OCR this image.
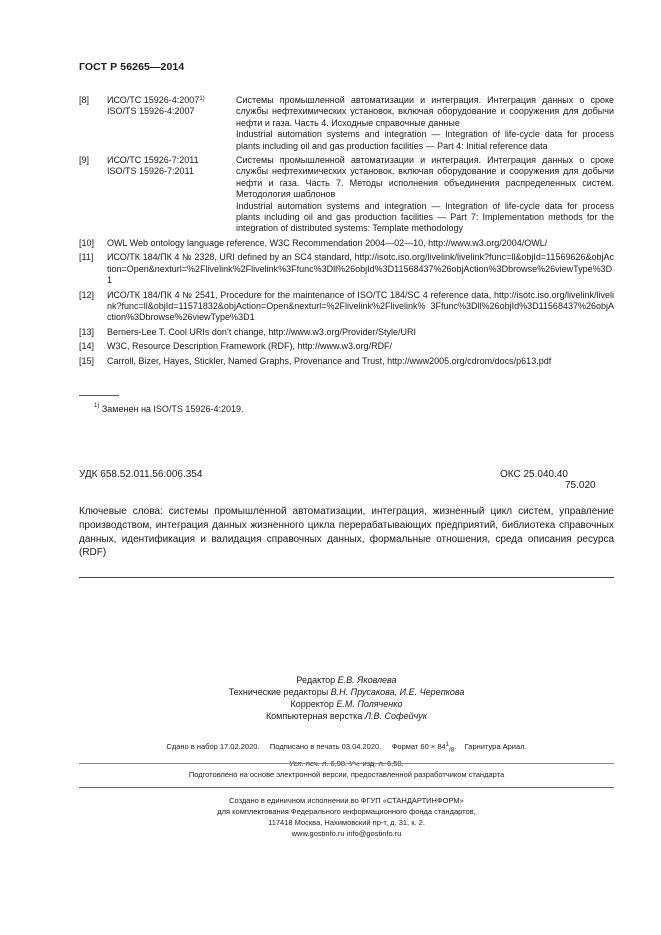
ГОСТ Р 56265—2014
[8] ИСО/ТС 15926-4:2007$^{1)}$
ISO/TS 15926-4:2007
Системы промышленной автоматизации и интеграция. Интеграция данных о сроке службы нефтехимических установок, включая оборудование и сооружения для добычи нефти и газа. Часть 4. Исходные справочные данные
Industrial automation systems and integration — Integration of life-cycle data for process plants including oil and gas production facilities — Part 4: Initial reference data
[9] ИСО/ТС 15926-7:2011
ISO/TS 15926-7:2011
Системы промышленной автоматизации и интеграция. Интеграция данных о сроке службы нефтехимических установок, включая оборудование и сооружения для добычи нефти и газа. Часть 7. Методы исполнения объединения распределенных систем. Методология шаблонов
Industrial automation systems and integration — Integration of life-cycle data for process plants including oil and gas production facilities — Part 7: Implementation methods for the integration of distributed systems: Template methodology
[10] OWL Web ontology language reference, W3C Recommendation 2004—02—10, http://www.w3.org/2004/OWL/
[11] ИСО/ТК 184/ПК 4 № 2328, URI defined by an SC4 standard, http://isotc.iso.org/livelink/livelink?func=ll&objId=11569626&objAction=Open&nexturl=%2Flivelink%2Flivelink%3Ffunc%3Dll%26objId%3D11568437%26objAction%3Dbrowse%26viewType%3D1
[12] ИСО/ТК 184/ПК 4 № 2541, Procedure for the maintenance of ISO/TC 184/SC 4 reference data, http://isotc.iso.org/livelink/livelink?func=ll&objId=11571832&objAction=Open&nexturl=%2Flivelink%2Flivelink% 3Ffunc%3Dll%26objId%3D11568437%26objAction%3Dbrowse%26viewType%3D1
[13] Berners-Lee T. Cool URIs don’t change, http://www.w3.org/Provider/Style/URI
[14] W3C, Resource Description Framework (RDF), http://www.w3.org/RDF/
[15] Carroll, Bizer, Hayes, Stickler, Named Graphs, Provenance and Trust, http://www2005.org/cdrom/docs/p613.pdf
$^{1)}$ Заменен на ISO/TS 15926-4:2019.
УДК 658.52.011.56:006.354	ОКС 25.040.40
75.020
Ключевые слова: системы промышленной автоматизации, интеграция, жизненный цикл систем, управление производством, интеграция данных жизненного цикла перерабатывающих предприятий, библиотека справочных данных, идентификация и валидация справочных данных, формальные отношения, среда описания ресурса (RDF)
Редактор Е.В. Яковлева
Технические редакторы В.Н. Прусакова, И.Е. Черепкова
Корректор Е.М. Поляченко
Компьютерная верстка Л.В. Софейчук
Сдано в набор 17.02.2020. Подписано в печать 03.04.2020. Формат $60 \times 84^1_{/8}$.    Гарнитура Ариал.
Усл. печ. л. 6,98. Уч.-изд. л. 6,50.
Подготовлено на основе электронной версии, предоставленной разработчиком стандарта
Создано в единичном исполнении во ФГУП «СТАНДАРТИНФОРМ»
для комплектования Федерального информационного фонда стандартов,
117418 Москва, Нахимовский пр-т, д. 31, к. 2.
www.gostinfo.ru info@gostinfo.ru
